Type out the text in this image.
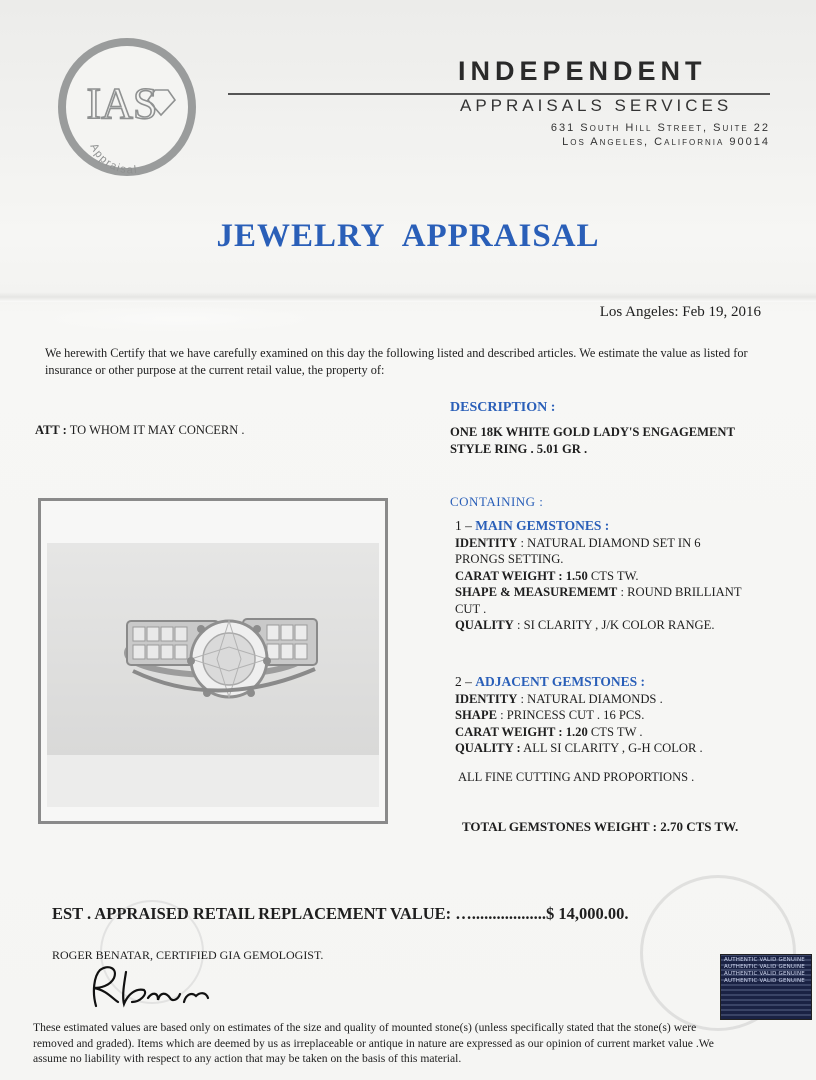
IAS
Appraisal
INDEPENDENT
APPRAISALS SERVICES
631 South Hill Street, Suite 22
Los Angeles, California 90014
JEWELRY APPRAISAL
Los Angeles: Feb 19, 2016
We herewith Certify that we have carefully examined on this day the following listed and described articles. We estimate the value as listed for insurance or other purpose at the current retail value, the property of:
ATT : TO WHOM IT MAY CONCERN .
DESCRIPTION :
ONE 18K WHITE GOLD LADY'S ENGAGEMENT
STYLE RING . 5.01 GR .
CONTAINING :
1 – MAIN GEMSTONES :
IDENTITY : NATURAL DIAMOND SET IN 6
PRONGS SETTING.
CARAT WEIGHT : 1.50 CTS TW.
SHAPE & MEASUREMEMT : ROUND BRILLIANT
CUT .
QUALITY : SI CLARITY , J/K COLOR RANGE.
2 – ADJACENT GEMSTONES :
IDENTITY : NATURAL DIAMONDS .
SHAPE : PRINCESS CUT . 16 PCS.
CARAT WEIGHT : 1.20 CTS TW .
QUALITY : ALL SI CLARITY , G-H COLOR .
ALL FINE CUTTING AND PROPORTIONS .
TOTAL GEMSTONES WEIGHT : 2.70 CTS TW.
EST . APPRAISED RETAIL REPLACEMENT VALUE: …..................$ 14,000.00.
ROGER BENATAR, CERTIFIED GIA GEMOLOGIST.	AUTHENTIC VALID GENUINE AUTHENTIC VALID GENUINE AUTHENTIC VALID GENUINE AUTHENTIC VALID GENUINE
These estimated values are based only on estimates of the size and quality of mounted stone(s) (unless specifically stated that the stone(s) were removed and graded). Items which are deemed by us as irreplaceable or antique in nature are expressed as our opinion of current market value .We assume no liability with respect to any action that may be taken on the basis of this material.
